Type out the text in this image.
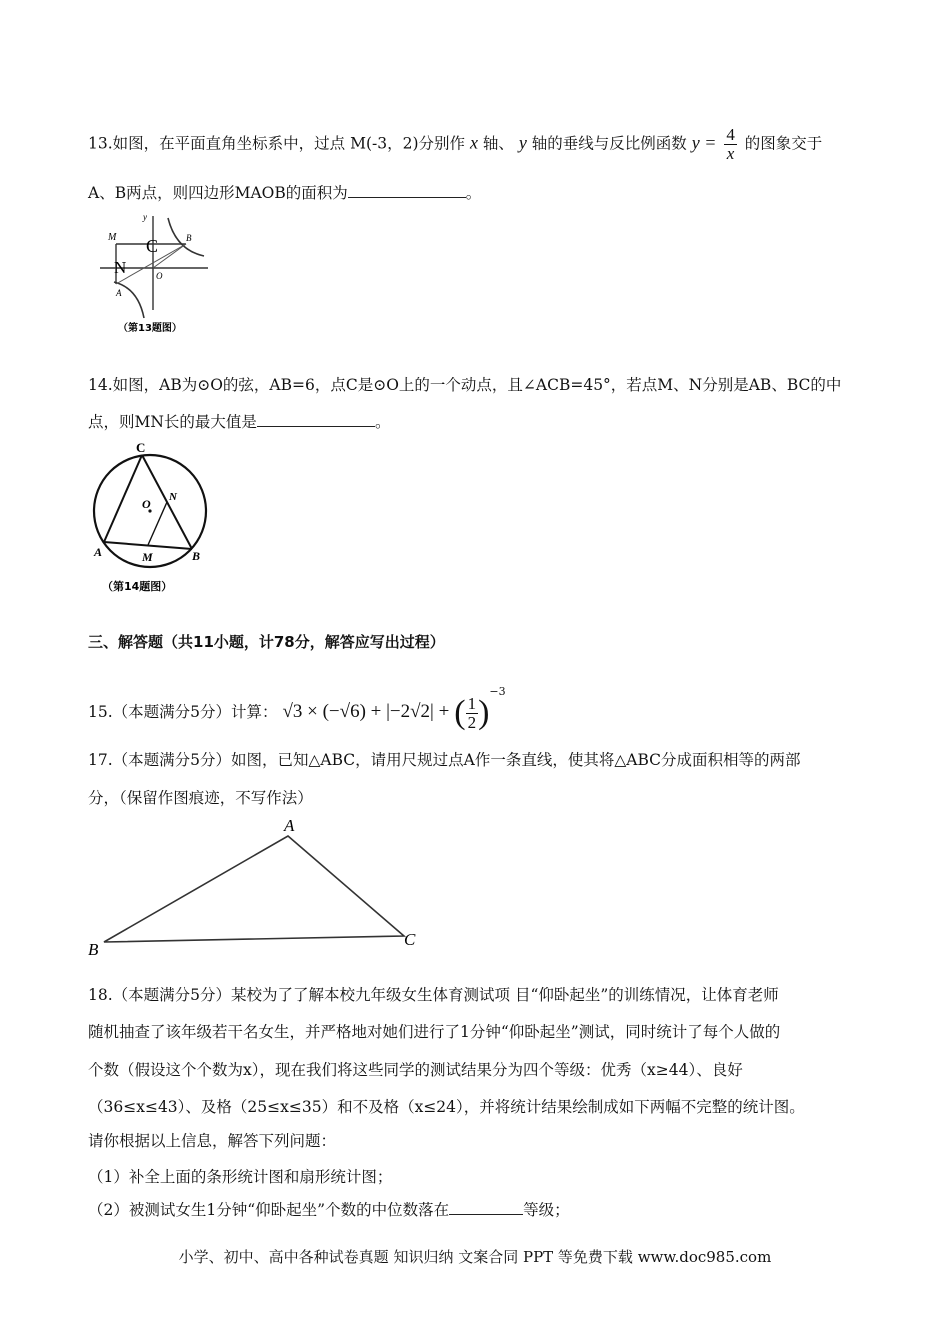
13.如图，在平面直角坐标系中，过点 M(-3，2)分别作 x 轴、 y 轴的垂线与反比例函数 $y = \frac{4}{x}$ 的图象交于
A、B两点，则四边形MAOB的面积为	。
y
M C	B
N	O
A
（第13题图）
14.如图，AB为⊙O的弦，AB=6，点C是⊙O上的一个动点，且∠ACB=45°，若点M、N分别是AB、BC的中
点，则MN长的最大值是	。
C
O N
A	M	B
（第14题图）
三、解答题（共11小题，计78分，解答应写出过程）
15.（本题满分5分）计算： √3 × (−√6) + |−2√2| + ( $\frac{1}{2} )^{-3}$
17.（本题满分5分）如图，已知△ABC，请用尺规过点A作一条直线，使其将△ABC分成面积相等的两部
分，（保留作图痕迹，不写作法）
A
B
C
18.（本题满分5分）某校为了了解本校九年级女生体育测试项 目“仰卧起坐”的训练情况，让体育老师
随机抽查了该年级若干名女生，并严格地对她们进行了1分钟“仰卧起坐”测试，同时统计了每个人做的
个数（假设这个个数为x），现在我们将这些同学的测试结果分为四个等级：优秀（x≥44）、良好
（36≤x≤43）、及格（25≤x≤35）和不及格（x≤24），并将统计结果绘制成如下两幅不完整的统计图。
请你根据以上信息，解答下列问题：
（1）补全上面的条形统计图和扇形统计图；
（2）被测试女生1分钟“仰卧起坐”个数的中位数落在	等级；
小学、初中、高中各种试卷真题 知识归纳 文案合同 PPT 等免费下载 www.doc985.com
